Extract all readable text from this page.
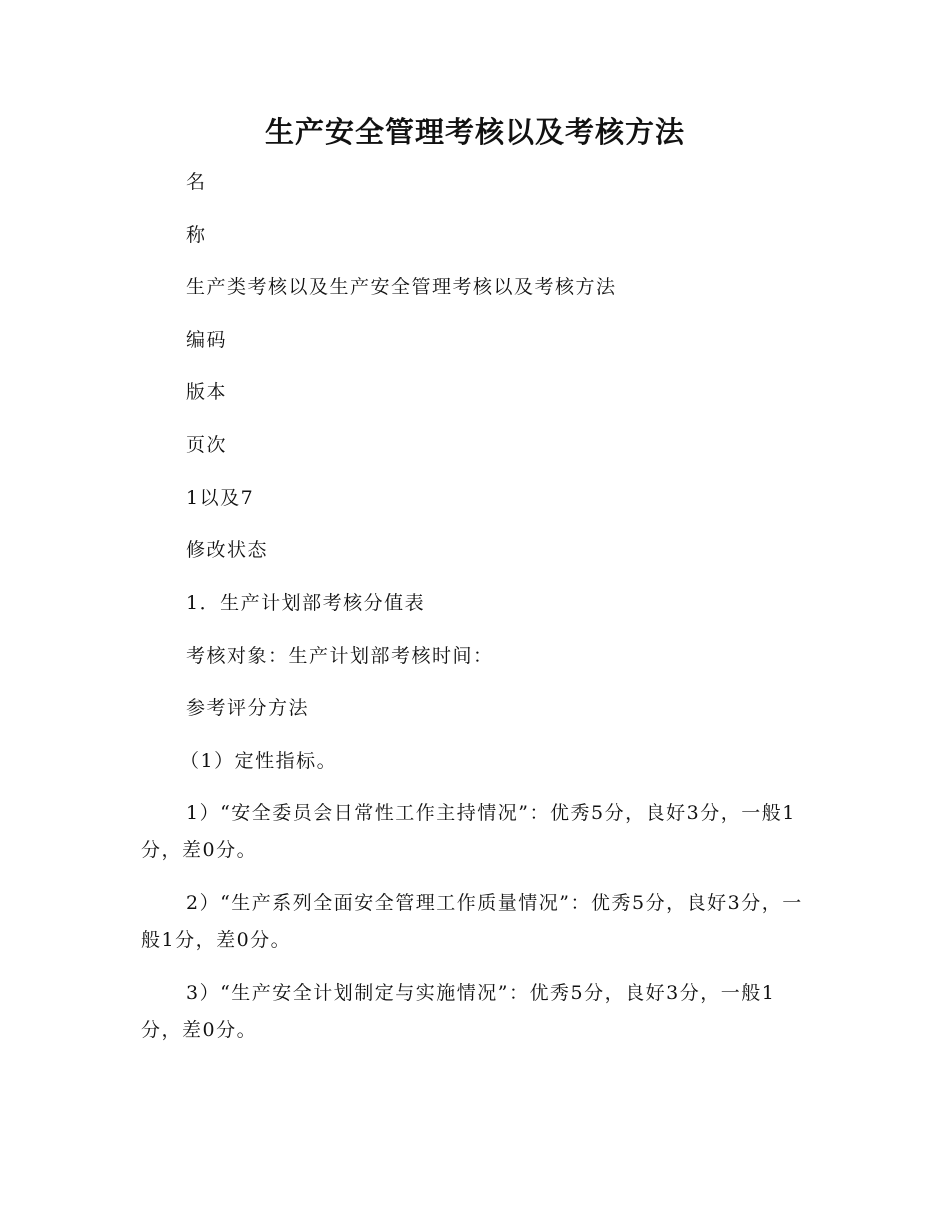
生产安全管理考核以及考核方法

名

称

生产类考核以及生产安全管理考核以及考核方法

编码

版本

页次

1以及7

修改状态

1．生产计划部考核分值表

考核对象：生产计划部考核时间：

参考评分方法

（1）定性指标。

1）“安全委员会日常性工作主持情况”：优秀5分，良好3分，一般1分，差0分。

2）“生产系列全面安全管理工作质量情况”：优秀5分，良好3分，一般1分，差0分。

3）“生产安全计划制定与实施情况”：优秀5分，良好3分，一般1分，差0分。
